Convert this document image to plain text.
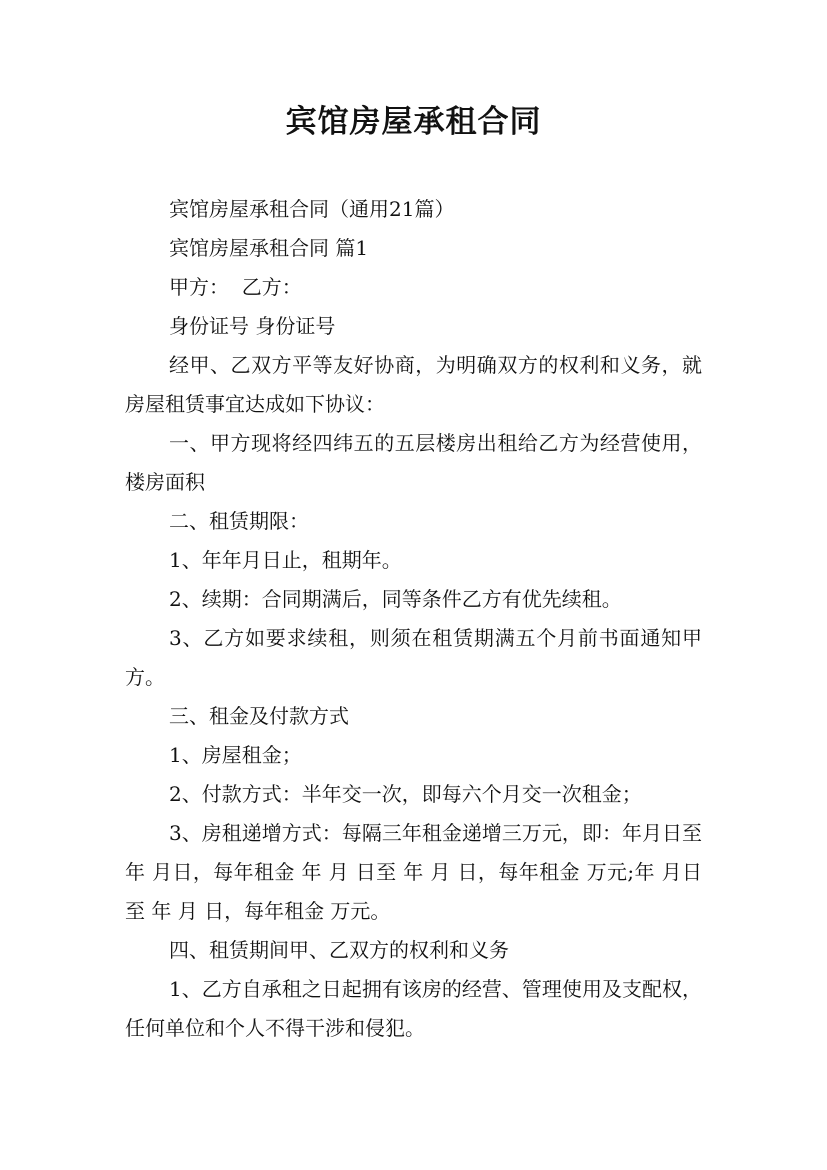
宾馆房屋承租合同

宾馆房屋承租合同（通用21篇）

宾馆房屋承租合同 篇1

甲方：  乙方：

身份证号 身份证号

经甲、乙双方平等友好协商，为明确双方的权利和义务，就房屋租赁事宜达成如下协议：

一、甲方现将经四纬五的五层楼房出租给乙方为经营使用，楼房面积

二、租赁期限：

1、年年月日止，租期年。

2、续期：合同期满后，同等条件乙方有优先续租。

3、乙方如要求续租，则须在租赁期满五个月前书面通知甲方。

三、租金及付款方式

1、房屋租金；

2、付款方式：半年交一次，即每六个月交一次租金；

3、房租递增方式：每隔三年租金递增三万元，即：年月日至 年 月日，每年租金 年 月 日至 年 月 日，每年租金 万元;年 月日至 年 月 日，每年租金 万元。

四、租赁期间甲、乙双方的权利和义务

1、乙方自承租之日起拥有该房的经营、管理使用及支配权，任何单位和个人不得干涉和侵犯。
